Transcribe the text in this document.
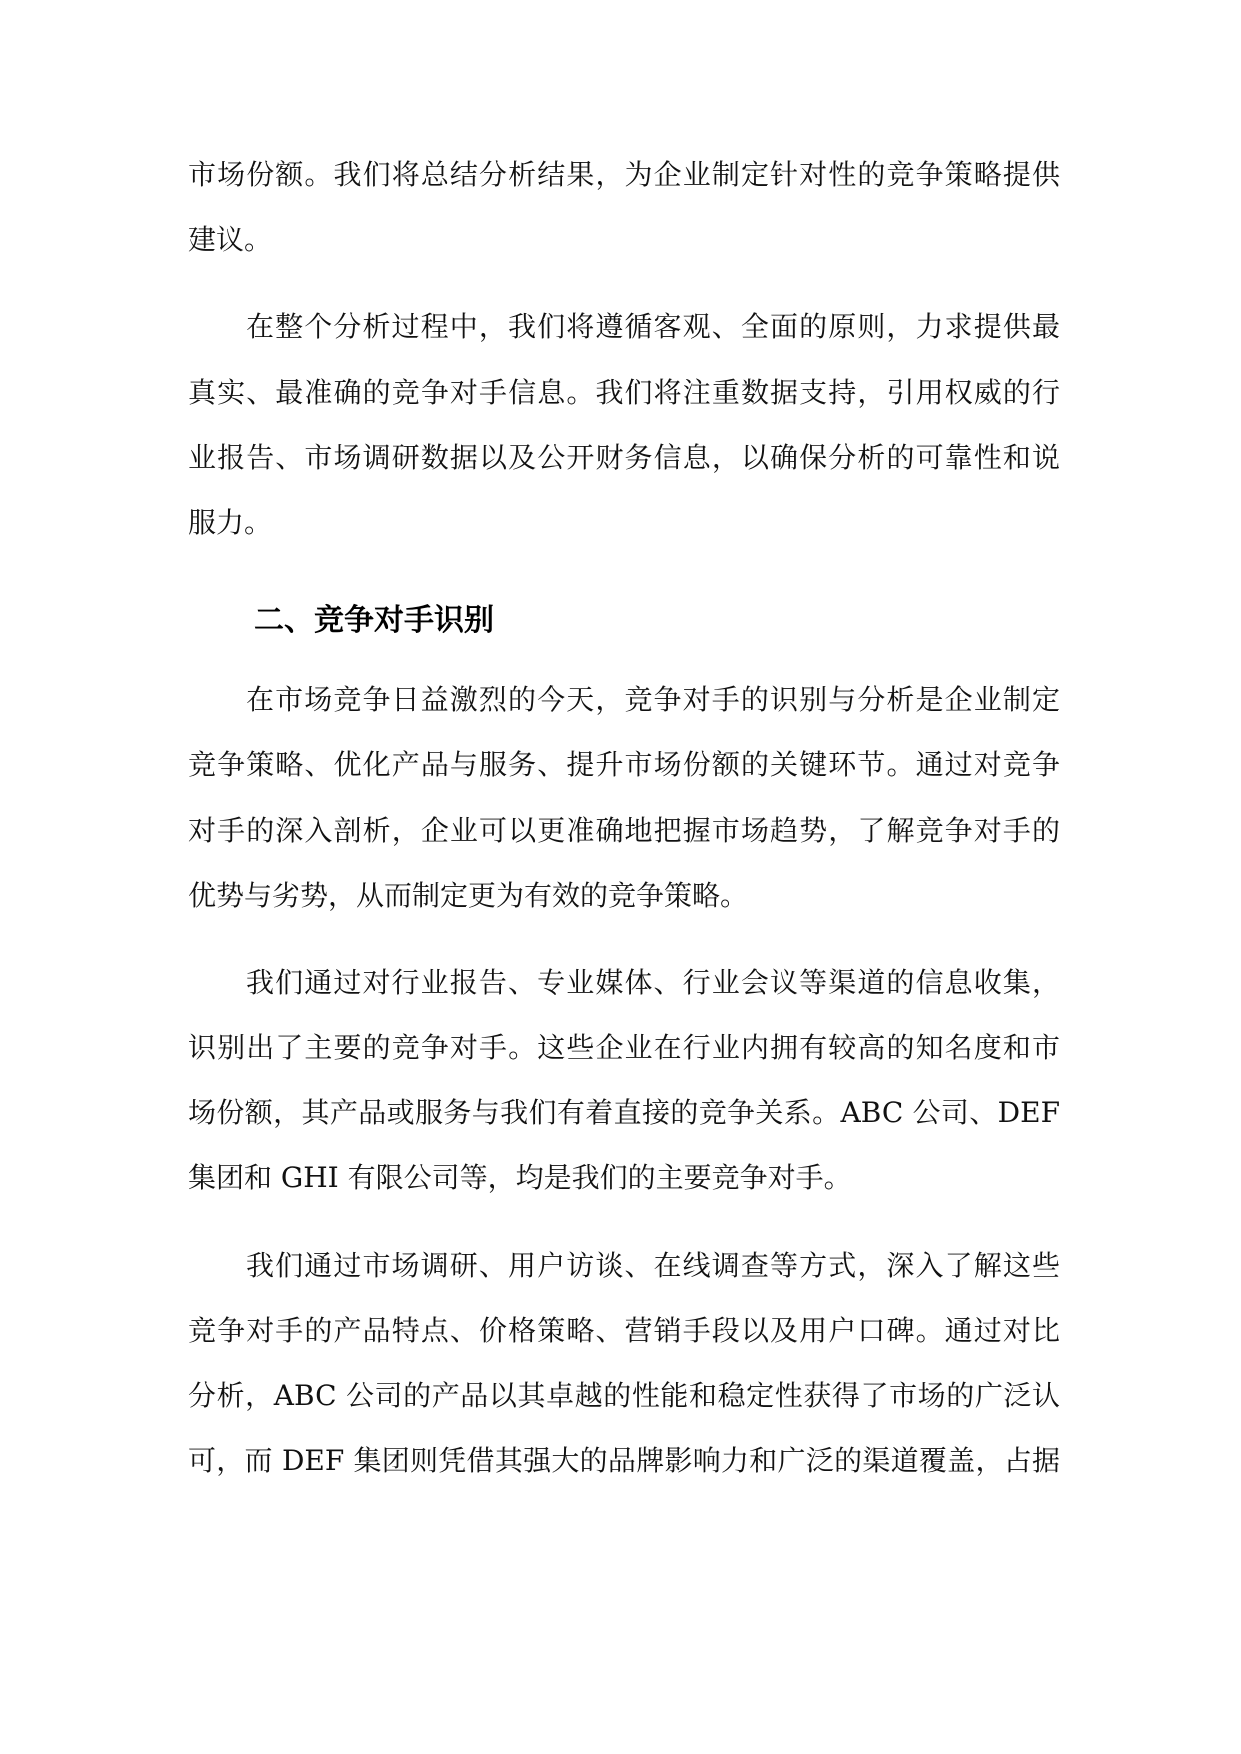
市场份额。我们将总结分析结果，为企业制定针对性的竞争策略提供
建议。
在整个分析过程中，我们将遵循客观、全面的原则，力求提供最
真实、最准确的竞争对手信息。我们将注重数据支持，引用权威的行
业报告、市场调研数据以及公开财务信息，以确保分析的可靠性和说
服力。
二、竞争对手识别
在市场竞争日益激烈的今天，竞争对手的识别与分析是企业制定
竞争策略、优化产品与服务、提升市场份额的关键环节。通过对竞争
对手的深入剖析，企业可以更准确地把握市场趋势，了解竞争对手的
优势与劣势，从而制定更为有效的竞争策略。
我们通过对行业报告、专业媒体、行业会议等渠道的信息收集，
识别出了主要的竞争对手。这些企业在行业内拥有较高的知名度和市
场份额，其产品或服务与我们有着直接的竞争关系。ABC 公司、DEF
集团和 GHI 有限公司等，均是我们的主要竞争对手。
我们通过市场调研、用户访谈、在线调查等方式，深入了解这些
竞争对手的产品特点、价格策略、营销手段以及用户口碑。通过对比
分析，ABC 公司的产品以其卓越的性能和稳定性获得了市场的广泛认
可，而 DEF 集团则凭借其强大的品牌影响力和广泛的渠道覆盖，占据
